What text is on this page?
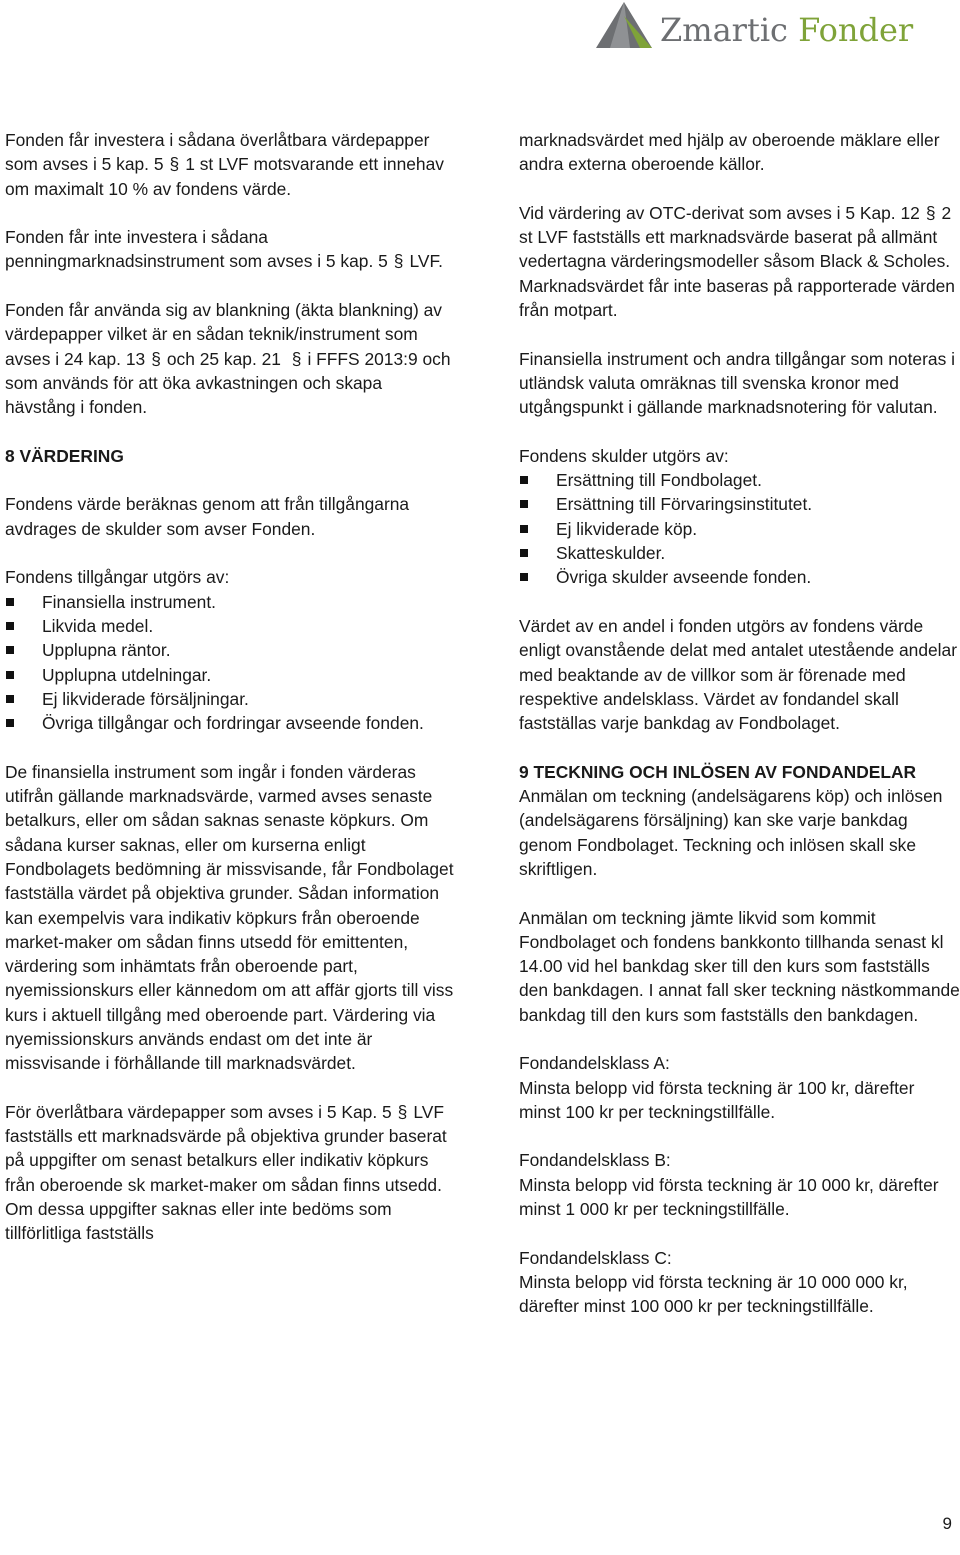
Zmartic Fonder

Fonden får investera i sådana överlåtbara värdepapper som avses i 5 kap. 5 § 1 st LVF motsvarande ett innehav om maximalt 10 % av fondens värde.

Fonden får inte investera i sådana penningmarknadsinstrument som avses i 5 kap. 5 § LVF.

Fonden får använda sig av blankning (äkta blankning) av värdepapper vilket är en sådan teknik/instrument som avses i 24 kap. 13 § och 25 kap. 21 § i FFFS 2013:9 och som används för att öka avkastningen och skapa hävstång i fonden.

8 VÄRDERING

Fondens värde beräknas genom att från tillgångarna avdrages de skulder som avser Fonden.

Fondens tillgångar utgörs av:

Finansiella instrument.
Likvida medel.
Upplupna räntor.
Upplupna utdelningar.
Ej likviderade försäljningar.
Övriga tillgångar och fordringar avseende fonden.

De finansiella instrument som ingår i fonden värderas utifrån gällande marknadsvärde, varmed avses senaste betalkurs, eller om sådan saknas senaste köpkurs. Om sådana kurser saknas, eller om kurserna enligt Fondbolagets bedömning är missvisande, får Fondbolaget fastställa värdet på objektiva grunder. Sådan information kan exempelvis vara indikativ köpkurs från oberoende market-maker om sådan finns utsedd för emittenten, värdering som inhämtats från oberoende part, nyemissionskurs eller kännedom om att affär gjorts till viss kurs i aktuell tillgång med oberoende part. Värdering via nyemissionskurs används endast om det inte är missvisande i förhållande till marknadsvärdet.

För överlåtbara värdepapper som avses i 5 Kap. 5 § LVF fastställs ett marknadsvärde på objektiva grunder baserat på uppgifter om senast betalkurs eller indikativ köpkurs från oberoende sk market-maker om sådan finns utsedd. Om dessa uppgifter saknas eller inte bedöms som tillförlitliga fastställs

marknadsvärdet med hjälp av oberoende mäklare eller andra externa oberoende källor.

Vid värdering av OTC-derivat som avses i 5 Kap. 12 § 2 st LVF fastställs ett marknadsvärde baserat på allmänt vedertagna värderingsmodeller såsom Black & Scholes. Marknadsvärdet får inte baseras på rapporterade värden från motpart.

Finansiella instrument och andra tillgångar som noteras i utländsk valuta omräknas till svenska kronor med utgångspunkt i gällande marknadsnotering för valutan.

Fondens skulder utgörs av:

Ersättning till Fondbolaget.
Ersättning till Förvaringsinstitutet.
Ej likviderade köp.
Skatteskulder.
Övriga skulder avseende fonden.

Värdet av en andel i fonden utgörs av fondens värde enligt ovanstående delat med antalet utestående andelar med beaktande av de villkor som är förenade med respektive andelsklass. Värdet av fondandel skall fastställas varje bankdag av Fondbolaget.

9 TECKNING OCH INLÖSEN AV FONDANDELAR

Anmälan om teckning (andelsägarens köp) och inlösen (andelsägarens försäljning) kan ske varje bankdag genom Fondbolaget. Teckning och inlösen skall ske skriftligen.

Anmälan om teckning jämte likvid som kommit Fondbolaget och fondens bankkonto tillhanda senast kl 14.00 vid hel bankdag sker till den kurs som fastställs den bankdagen. I annat fall sker teckning nästkommande bankdag till den kurs som fastställs den bankdagen.

Fondandelsklass A:

Minsta belopp vid första teckning är 100 kr, därefter minst 100 kr per teckningstillfälle.

Fondandelsklass B:

Minsta belopp vid första teckning är 10 000 kr, därefter minst 1 000 kr per teckningstillfälle.

Fondandelsklass C:

Minsta belopp vid första teckning är 10 000 000 kr, därefter minst 100 000 kr per teckningstillfälle.

9
